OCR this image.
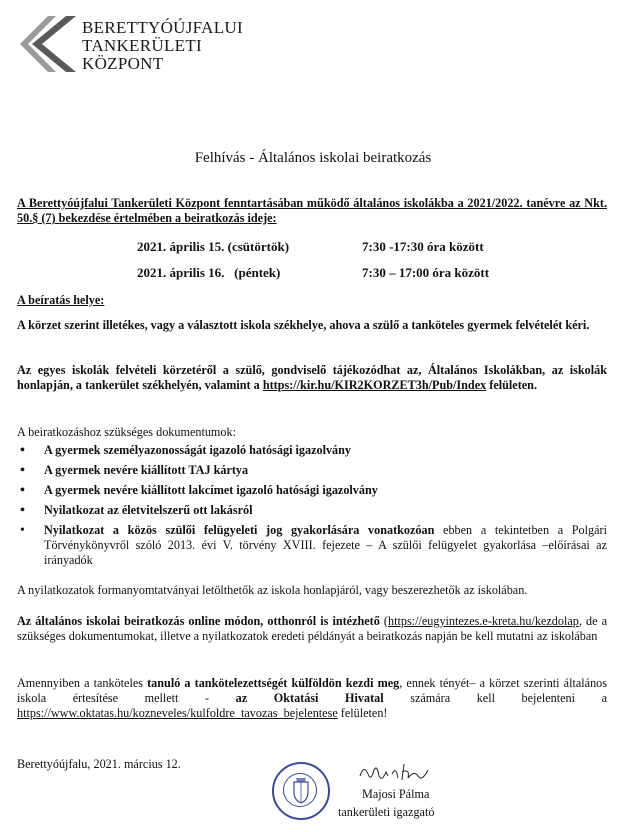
BERETTYÓÚJFALUI
TANKERÜLETI
KÖZPONT
Felhívás - Általános iskolai beiratkozás
A Berettyóújfalui Tankerületi Központ fenntartásában működő általános iskolákba a 2021/2022. tanévre az Nkt. 50.§ (7) bekezdése értelmében a beiratkozás ideje:
2021. április 15. (csütörtök)	7:30 -17:30 óra között
2021. április 16.   (péntek)	7:30 – 17:00 óra között
A beíratás helye:
A körzet szerint illetékes, vagy a választott iskola székhelye, ahova a szülő a tanköteles gyermek felvételét kéri.
Az egyes iskolák felvételi körzetéről a szülő, gondviselő tájékozódhat az, Általános Iskolákban, az iskolák honlapján, a tankerület székhelyén, valamint a https://kir.hu/KIR2KORZET3h/Pub/Index felületen.
A beiratkozáshoz szükséges dokumentumok:
• A gyermek személyazonosságát igazoló hatósági igazolvány
• A gyermek nevére kiállított TAJ kártya
• A gyermek nevére kiállított lakcímet igazoló hatósági igazolvány
• Nyilatkozat az életvitelszerű ott lakásról
• Nyilatkozat a közös szülői felügyeleti jog gyakorlására vonatkozóan ebben a tekintetben a Polgári Törvénykönyvről szóló 2013. évi V. törvény XVIII. fejezete – A szülői felügyelet gyakorlása –előírásai az irányadók
A nyilatkozatok formanyomtatványai letölthetők az iskola honlapjáról, vagy beszerezhetők az iskolában.
Az általános iskolai beiratkozás online módon, otthonról is intézhető (https://eugyintezes.e-kreta.hu/kezdolap, de a szükséges dokumentumokat, illetve a nyilatkozatok eredeti példányát a beiratkozás napján be kell mutatni az iskolában
Amennyiben a tanköteles tanuló a tankötelezettségét külföldön kezdi meg, ennek tényét– a körzet szerinti általános iskola értesítése mellett - az Oktatási Hivatal számára kell bejelenteni a https://www.oktatas.hu/kozneveles/kulfoldre_tavozas_bejelentese felületen!
Berettyóújfalu, 2021. március 12.
Majosi Pálma
tankerületi igazgató
